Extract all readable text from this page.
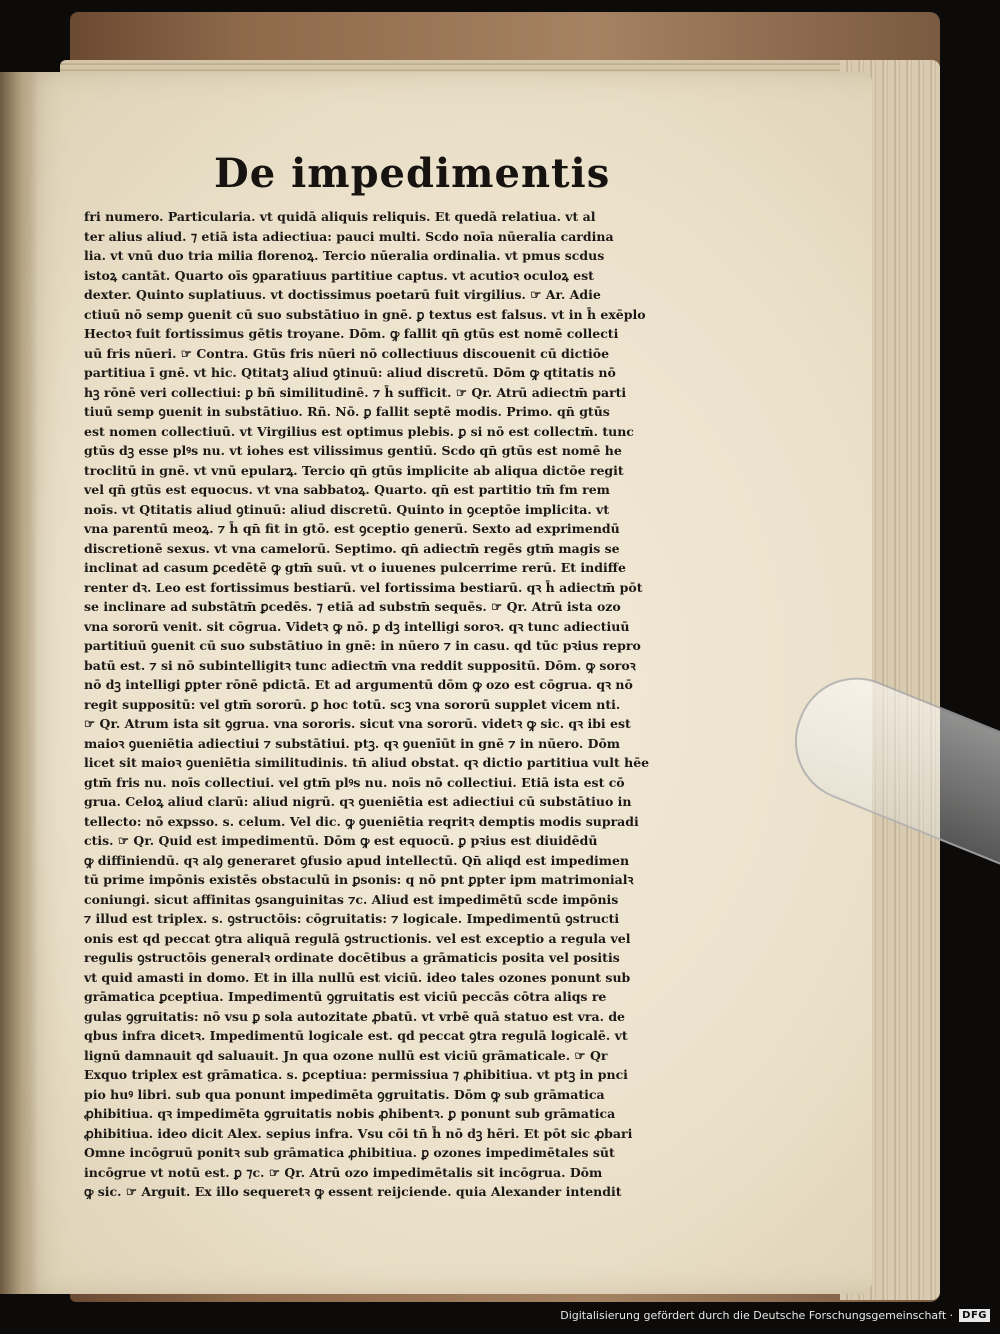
De impedimentis
fri numero. Particularia. vt quidā aliquis reliquis. Et quedā relatiua. vt al
ter alius aliud. ⁊ etiā ista adiectiua: pauci multi. Scdo noīa nūeralia cardina
lia. vt vnū duo tria milia florenoꝝ. Tercio nūeralia ordinalia. vt pmus scdus
istoꝝ cantāt. Quarto oīs ꝯparatiuus partitiue captus. vt acutioꝛ oculoꝝ est
dexter. Quinto suplatiuus. vt doctissimus poetarū fuit virgilius. ☞ Ar. Adie
ctiuū nō semp ꝯuenit cū suo substātiuo in gnē. ꝑ textus est falsus. vt in h̄ exēplo
Hectoꝛ fuit fortissimus gētis troyane. Dōm. ꝙ fallit qn̄ gtūs est nomē collecti
uū fris nūeri. ☞ Contra. Gtūs fris nūeri nō collectiuus discouenit cū dictiōe
partitiua ī gnē. vt hic. Qtitatꝫ aliud ꝯtinuū: aliud discretū. Dōm ꝙ qtitatis nō
hꝫ rōnē veri collectiui: ꝑ bñ similitudinē. ⁊ h̄ sufficit. ☞ Qr. Atrū adiectm̄ parti
tiuū semp ꝯuenit in substātiuo. Rñ. Nō. ꝑ fallit septē modis. Primo. qn̄ gtūs
est nomen collectiuū. vt Virgilius est optimus plebis. ꝑ si nō est collectm̄. tunc
gtūs dꝫ esse plꝰs nu. vt iohes est vilissimus gentiū. Scdo qn̄ gtūs est nomē he
troclitū in gnē. vt vnū epularꝝ. Tercio qn̄ gtūs implicite ab aliqua dictōe regit
vel qn̄ gtūs est equocus. vt vna sabbatoꝝ. Quarto. qn̄ est partitio tm̄ fm rem
noīs. vt Qtitatis aliud ꝯtinuū: aliud discretū. Quinto in ꝯceptōe implicita. vt
vna parentū meoꝝ. ⁊ h̄ qn̄ fit in gtō. est ꝯceptio generū. Sexto ad exprimendū
discretionē sexus. vt vna camelorū. Septimo. qn̄ adiectm̄ regēs gtm̄ magis se
inclinat ad casum ꝑcedētē ꝙ gtm̄ suū. vt o iuuenes pulcerrime rerū. Et indiffe
renter dꝛ. Leo est fortissimus bestiarū. vel fortissima bestiarū. qꝛ h̄ adiectm̄ pōt
se inclinare ad substātm̄ ꝑcedēs. ⁊ etiā ad substm̄ sequēs. ☞ Qr. Atrū ista ozo
vna sororū venit. sit cōgrua. Videtꝛ ꝙ nō. ꝑ dꝫ intelligi soroꝛ. qꝛ tunc adiectiuū
partitiuū ꝯuenit cū suo substātiuo in gnē: in nūero ⁊ in casu. qd tūc pꝛius repro
batū est. ⁊ si nō subintelligitꝛ tunc adiectm̄ vna reddit suppositū. Dōm. ꝙ soroꝛ
nō dꝫ intelligi ꝑpter rōnē pdictā. Et ad argumentū dōm ꝙ ozo est cōgrua. qꝛ nō
regit suppositū: vel gtm̄ sororū. ꝑ hoc totū. scꝫ vna sororū supplet vicem nti.
☞ Qr. Atrum ista sit ꝯgrua. vna sororis. sicut vna sororū. videtꝛ ꝙ sic. qꝛ ibi est
maioꝛ ꝯueniētia adiectiui ⁊ substātiui. ptꝫ. qꝛ ꝯuenīūt in gnē ⁊ in nūero. Dōm
licet sit maioꝛ ꝯueniētia similitudinis. tn̄ aliud obstat. qꝛ dictio partitiua vult hēe
gtm̄ fris nu. noīs collectiui. vel gtm̄ plꝰs nu. noīs nō collectiui. Etiā ista est cō
grua. Celoꝝ aliud clarū: aliud nigrū. qꝛ ꝯueniētia est adiectiui cū substātiuo in
tellecto: nō expsso. s. celum. Vel dic. ꝙ ꝯueniētia reqritꝛ demptis modis supradi
ctis. ☞ Qr. Quid est impedimentū. Dōm ꝙ est equocū. ꝑ pꝛius est diuidēdū
ꝙ diffiniendū. qꝛ alꝯ generaret ꝯfusio apud intellectū. Qn̄ aliqd est impedimen
tū prime impōnis existēs obstaculū in ꝑsonis: q nō pnt ꝑpter ipm matrimonialꝛ
coniungi. sicut affinitas ꝯsanguinitas ⁊c. Aliud est impedimētū scde impōnis
⁊ illud est triplex. s. ꝯstructōis: cōgruitatis: ⁊ logicale. Impedimentū ꝯstructi
onis est qd peccat ꝯtra aliquā regulā ꝯstructionis. vel est exceptio a regula vel
regulis ꝯstructōis generalꝛ ordinate docētibus a grāmaticis posita vel positis
vt quid amasti in domo. Et in illa nullū est viciū. ideo tales ozones ponunt sub
grāmatica ꝑceptiua. Impedimentū ꝯgruitatis est viciū peccās cōtra aliqs re
gulas ꝯgruitatis: nō vsu ꝑ sola autozitate ꝓbatū. vt vrbē quā statuo est vra. de
qbus infra dicetꝛ. Impedimentū logicale est. qd peccat ꝯtra regulā logicalē. vt
lignū damnauit qd saluauit. Jn qua ozone nullū est viciū grāmaticale. ☞ Qr
Exquo triplex est grāmatica. s. ꝑceptiua: permissiua ⁊ ꝓhibitiua. vt ptꝫ in pnci
pio huꝰ libri. sub qua ponunt impedimēta ꝯgruitatis. Dōm ꝙ sub grāmatica
ꝓhibitiua. qꝛ impedimēta ꝯgruitatis nobis ꝓhibentꝛ. ꝑ ponunt sub grāmatica
ꝓhibitiua. ideo dicit Alex. sepius infra. Vsu cōi tn̄ h̄ nō dꝫ hēri. Et pōt sic ꝓbari
Omne incōgruū ponitꝛ sub grāmatica ꝓhibitiua. ꝑ ozones impedimētales sūt
incōgrue vt notū est. ꝑ ⁊c. ☞ Qr. Atrū ozo impedimētalis sit incōgrua. Dōm
ꝙ sic. ☞ Arguit. Ex illo sequeretꝛ ꝙ essent reijciende. quia Alexander intendit
Digitalisierung gefördert durch die Deutsche Forschungsgemeinschaft · DFG
